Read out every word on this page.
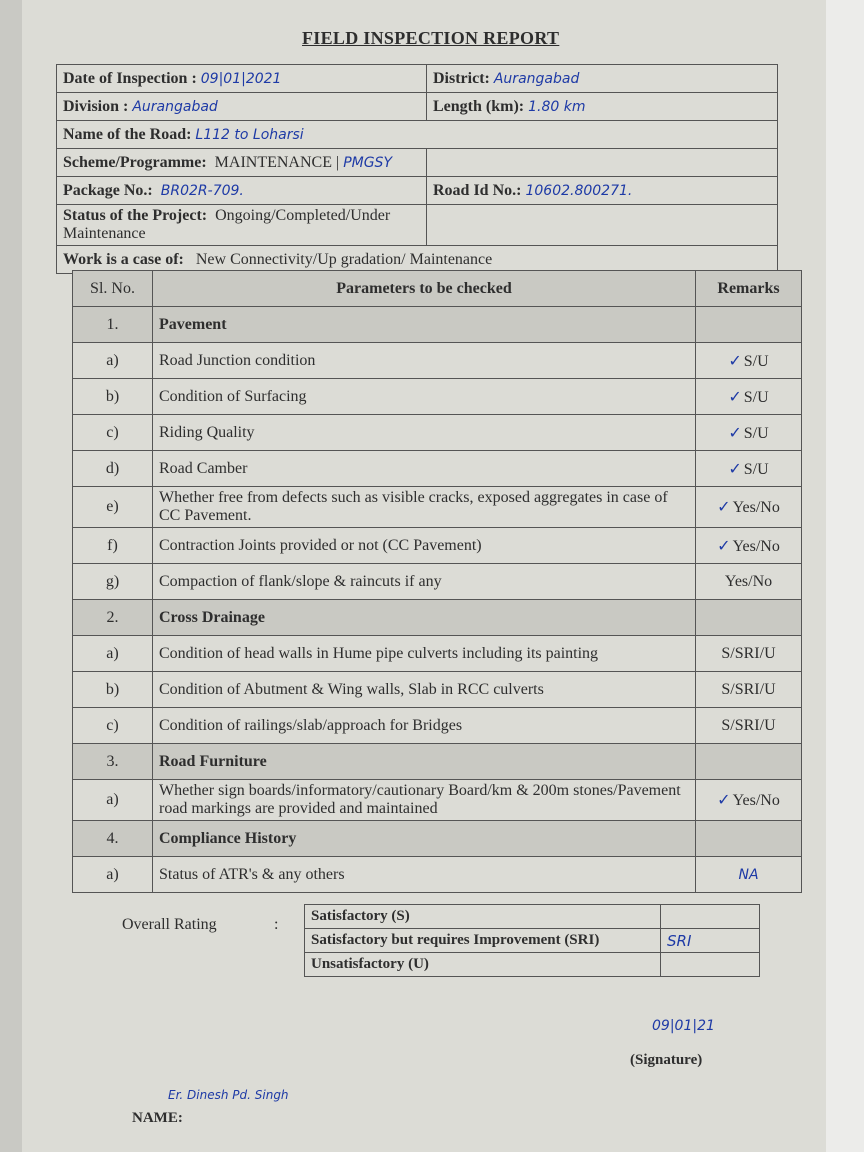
FIELD INSPECTION REPORT
Date of Inspection : 09|01|2021	District: Aurangabad
Division : Aurangabad	Length (km): 1.80 km
Name of the Road: L112 to Loharsi	
Scheme/Programme: MAINTENANCE | PMGSY	
Package No.: BR02R-709.	Road Id No.: 10602.800271.
Status of the Project: Ongoing/Completed/Under Maintenance	
Work is a case of: New Connectivity/Up gradation/ Maintenance	
Sl. No.	Parameters to be checked	Remarks
1.	Pavement	
a)	Road Junction condition	✓ S/U
b)	Condition of Surfacing	✓ S/U
c)	Riding Quality	✓ S/U
d)	Road Camber	✓ S/U
e)	Whether free from defects such as visible cracks, exposed aggregates in case of CC Pavement.	✓ Yes/No
f)	Contraction Joints provided or not (CC Pavement)	✓ Yes/No
g)	Compaction of flank/slope & raincuts if any	Yes/No
2.	Cross Drainage	
a)	Condition of head walls in Hume pipe culverts including its painting	S/SRI/U
b)	Condition of Abutment & Wing walls, Slab in RCC culverts	S/SRI/U
c)	Condition of railings/slab/approach for Bridges	S/SRI/U
3.	Road Furniture	
a)	Whether sign boards/informatory/cautionary Board/km & 200m stones/Pavement road markings are provided and maintained	✓ Yes/No
4.	Compliance History	
a)	Status of ATR's & any others	NA
Overall Rating	: Satisfactory (S)	
Satisfactory but requires Improvement (SRI)	SRI
Unsatisfactory (U)	
09|01|21
(Signature)
Er. Dinesh Pd. Singh
NAME:
